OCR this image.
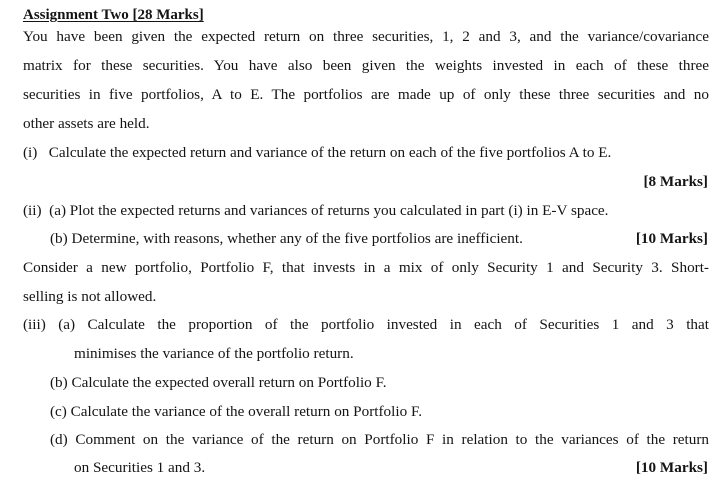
Assignment Two [28 Marks]
You have been given the expected return on three securities, 1, 2 and 3, and the variance/covariance
matrix for these securities. You have also been given the weights invested in each of these three
securities in five portfolios, A to E. The portfolios are made up of only these three securities and no
other assets are held.
(i)   Calculate the expected return and variance of the return on each of the five portfolios A to E.
[8 Marks]
(ii)  (a) Plot the expected returns and variances of returns you calculated in part (i) in E-V space.
(b) Determine, with reasons, whether any of the five portfolios are inefficient.	[10 Marks]
Consider a new portfolio, Portfolio F, that invests in a mix of only Security 1 and Security 3. Short-
selling is not allowed.
(iii) (a) Calculate the proportion of the portfolio invested in each of Securities 1 and 3 that
minimises the variance of the portfolio return.
(b) Calculate the expected overall return on Portfolio F.
(c) Calculate the variance of the overall return on Portfolio F.
(d) Comment on the variance of the return on Portfolio F in relation to the variances of the return
on Securities 1 and 3.	[10 Marks]
